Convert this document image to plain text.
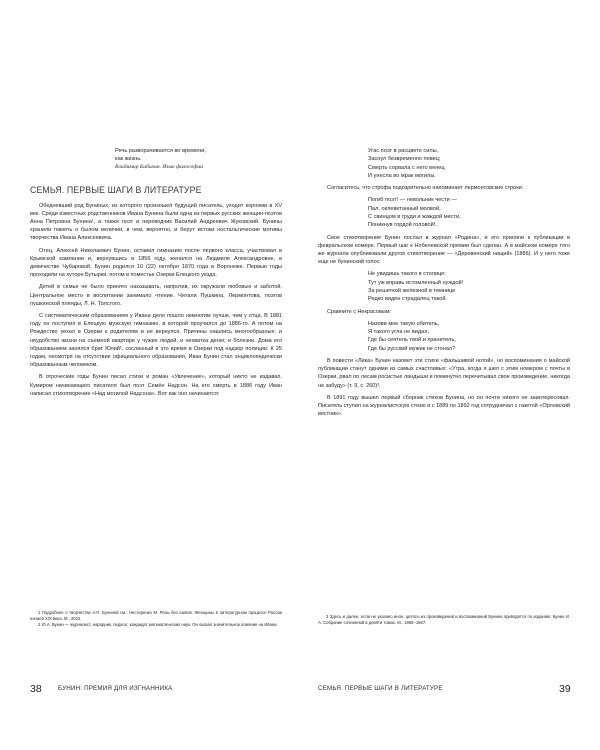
Речь разворачивается во времени,
как жизнь.
Владимир Бибихин. Язык философии
СЕМЬЯ. ПЕРВЫЕ ШАГИ В ЛИТЕРАТУРЕ

Обедневший род Буниных, из которого произошел будущий писатель, уходит корнями в XV век. Среди известных родственников Ивана Бунина были одна из первых русских женщин-поэтов Анна Петровна Бунина¹, а также поэт и переводчик Василий Андреевич Жуковский. Бунины хранили память о былом величии, в чем, вероятно, и берут истоки ностальгические мотивы творчества Ивана Алексеевича.

Отец, Алексей Николаевич Бунин, оставил гимназию после первого класса, участвовал в Крымской кампании и, вернувшись в 1856 году, женился на Людмиле Александровне, в девичестве Чубаровой. Бунин родился 10 (22) октября 1870 года в Воронеже. Первые годы проходили на хуторе Бутырки, потом в поместье Озерки Елецкого уезда.

Детей в семье не было принято наказывать, напротив, их окружали любовью и заботой. Центральное место в воспитании занимало чтение. Читали Пушкина, Лермонтова, поэтов пушкинской плеяды, Л. Н. Толстого.

С систематическим образованием у Ивана дело пошло немногим лучше, чем у отца. В 1881 году он поступил в Елецкую мужскую гимназию, в которой проучился до 1886-го. А потом на Рождество уехал в Озерки к родителям и не вернулся. Причины нашлись многообразные: и неудобство жизни на съемной квартире у чужих людей, и нехватка денег, и болезни. Дома его образованием занялся брат Юлий², сосланный в это время в Озерки под надзор полиции. К 25 годам, несмотря на отсутствие официального образования, Иван Бунин стал энциклопедически образованным человеком.

В отроческие годы Бунин писал стихи и роман «Увлечение», который никто не издавал. Кумиром начинающего писателя был поэт Семён Надсон. На его смерть в 1886 году Иван написал стихотворение «Над могилой Надсона». Вот как оно начинается:

1 Подробнее о творчестве А.П. Буниной см.: Нестеренко М. Розы без шипов. Женщины в литературном процессе России начала XIX века. М., 2022.

2 Ю.А. Бунин — журналист, народник, педагог, кандидат математических наук. Он оказал значительное влияние на Ивана.

38	БУНИН: ПРЕМИЯ ДЛЯ ИЗГНАННИКА
Угас поэт в расцвете силы,
Заснул безвременно певец;
Смерть сорвала с него венец
И унесла во мрак могилы.

Согласитесь, что строфа подозрительно напоминает лермонтовские строки:

Погиб поэт! — невольник чести —
Пал, оклеветанный молвой,
С свинцом в груди и жаждой мести,
Поникнув гордой головой!..

Свое стихотворение Бунин послал в журнал «Родина», и его приняли к публикации в февральском номере. Первый шаг к Нобелевской премии был сделан. А в майском номере того же журнала опубликовали другое стихотворение — «Деревенский нищий» (1886). И у него тоже еще не бунинский голос:

Не увидишь такого в столице:
Тут уж вправь истомленный нуждой!
За решеткой железной в темнице
Редко виден страдалец такой.

Сравните с Некрасовым:

Назови мне такую обитель,
Я такого угла не видал,
Где бы сеятель твой и хранитель,
Где бы русский мужик не стонал?

В повести «Лика» Бунин назовет эти стихи «фальшивой нотой», но воспоминания о майской публикации станут одними из самых счастливых: «Утра, когда я шел с этим номером с почты в Озерки, рвал по лесам росистые ландыши и поминутно перечитывал свое произведение, никогда не забуду» (т. 9, с. 260)³.

В 1891 году вышел первый сборник стихов Бунина, но он почти никого не заинтересовал. Писатель ступил на журналистскую стезю и с 1889 по 1892 год сотрудничал с газетой «Орловский вестник».

3 Здесь и далее, если не указано иное, цитаты из произведений и воспоминаний Бунина приводятся по изданию: Бунин И. А. Собрание сочинений в девяти томах. М., 1965–1967.

СЕМЬЯ. ПЕРВЫЕ ШАГИ В ЛИТЕРАТУРЕ	39
